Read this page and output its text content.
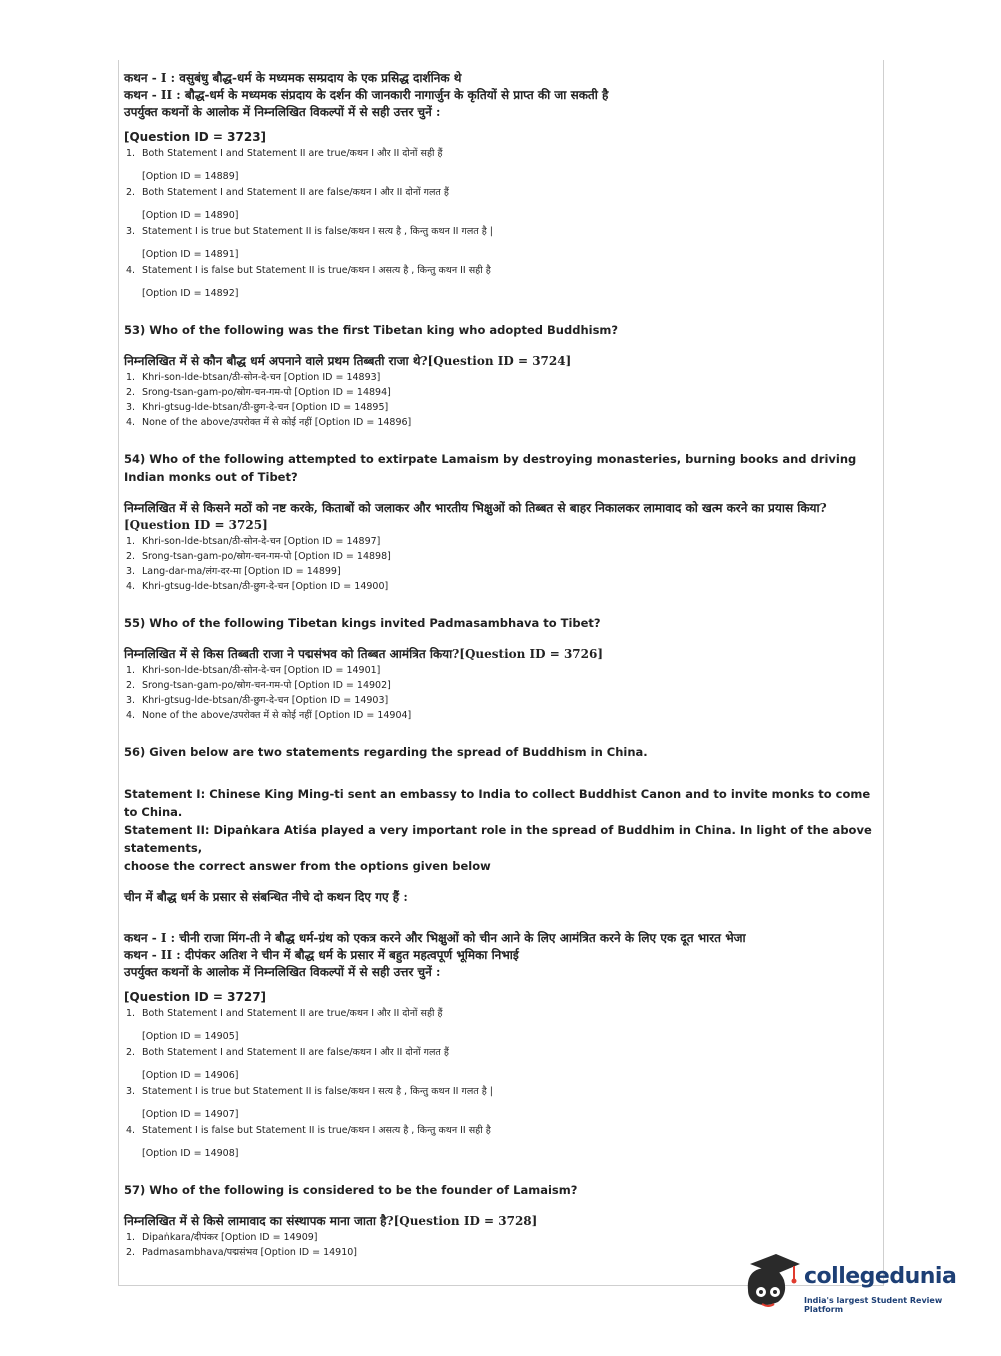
कथन - I : वसुबंधु बौद्ध-धर्म के मध्यमक सम्प्रदाय के एक प्रसिद्ध दार्शनिक थे
कथन - II : बौद्ध-धर्म के मध्यमक संप्रदाय के दर्शन की जानकारी नागार्जुन के कृतियों से प्राप्त की जा सकती है
उपर्युक्त कथनों के आलोक में निम्नलिखित विकल्पों में से सही उत्तर चुनें :
[Question ID = 3723]
1. Both Statement I and Statement II are true/कथन I और II दोनों सही हैं
[Option ID = 14889]
2. Both Statement I and Statement II are false/कथन I और II दोनों गलत हैं
[Option ID = 14890]
3. Statement I is true but Statement II is false/कथन I सत्य है , किन्तु कथन II गलत है |
[Option ID = 14891]
4. Statement I is false but Statement II is true/कथन I असत्य है , किन्तु कथन II सही है
[Option ID = 14892]
53) Who of the following was the first Tibetan king who adopted Buddhism?
निम्नलिखित में से कौन बौद्ध धर्म अपनाने वाले प्रथम तिब्बती राजा थे?[Question ID = 3724]
1. Khri-son-lde-btsan/ठी-सोन-दे-चन [Option ID = 14893]
2. Srong-tsan-gam-po/स्रोग-चन-गम-पो [Option ID = 14894]
3. Khri-gtsug-lde-btsan/ठी-छुग-दे-चन [Option ID = 14895]
4. None of the above/उपरोक्त में से कोई नहीं [Option ID = 14896]
54) Who of the following attempted to extirpate Lamaism by destroying monasteries, burning books and driving Indian monks out of Tibet?
निम्नलिखित में से किसने मठों को नष्ट करके, किताबों को जलाकर और भारतीय भिक्षुओं को तिब्बत से बाहर निकालकर लामावाद को खत्म करने का प्रयास किया?[Question ID = 3725]
1. Khri-son-lde-btsan/ठी-सोन-दे-चन [Option ID = 14897]
2. Srong-tsan-gam-po/स्रोग-चन-गम-पो [Option ID = 14898]
3. Lang-dar-ma/लंग-दर-मा [Option ID = 14899]
4. Khri-gtsug-lde-btsan/ठी-छुग-दे-चन [Option ID = 14900]
55) Who of the following Tibetan kings invited Padmasambhava to Tibet?
निम्नलिखित में से किस तिब्बती राजा ने पद्मसंभव को तिब्बत आमंत्रित किया?[Question ID = 3726]
1. Khri-son-lde-btsan/ठी-सोन-दे-चन [Option ID = 14901]
2. Srong-tsan-gam-po/स्रोग-चन-गम-पो [Option ID = 14902]
3. Khri-gtsug-lde-btsan/ठी-छुग-दे-चन [Option ID = 14903]
4. None of the above/उपरोक्त में से कोई नहीं [Option ID = 14904]
56) Given below are two statements regarding the spread of Buddhism in China.
Statement I: Chinese King Ming-ti sent an embassy to India to collect Buddhist Canon and to invite monks to come to China.
Statement II: Dipaṅkara Atiśa played a very important role in the spread of Buddhim in China. In light of the above statements,
choose the correct answer from the options given below
चीन में बौद्ध धर्म के प्रसार से संबन्धित नीचे दो कथन दिए गए हैं :
कथन - I : चीनी राजा मिंग-ती ने बौद्ध धर्म-ग्रंथ को एकत्र करने और भिक्षुओं को चीन आने के लिए आमंत्रित करने के लिए एक दूत भारत भेजा
कथन - II : दीपंकर अतिश ने चीन में बौद्ध धर्म के प्रसार में बहुत महत्वपूर्ण भूमिका निभाई
उपर्युक्त कथनों के आलोक में निम्नलिखित विकल्पों में से सही उत्तर चुनें :
[Question ID = 3727]
1. Both Statement I and Statement II are true/कथन I और II दोनों सही हैं
[Option ID = 14905]
2. Both Statement I and Statement II are false/कथन I और II दोनों गलत हैं
[Option ID = 14906]
3. Statement I is true but Statement II is false/कथन I सत्य है , किन्तु कथन II गलत है |
[Option ID = 14907]
4. Statement I is false but Statement II is true/कथन I असत्य है , किन्तु कथन II सही है
[Option ID = 14908]
57) Who of the following is considered to be the founder of Lamaism?
निम्नलिखित में से किसे लामावाद का संस्थापक माना जाता है?[Question ID = 3728]
1. Dipaṅkara/दीपंकर [Option ID = 14909]
2. Padmasambhava/पद्मसंभव [Option ID = 14910]
collegedunia
India's largest Student Review Platform
